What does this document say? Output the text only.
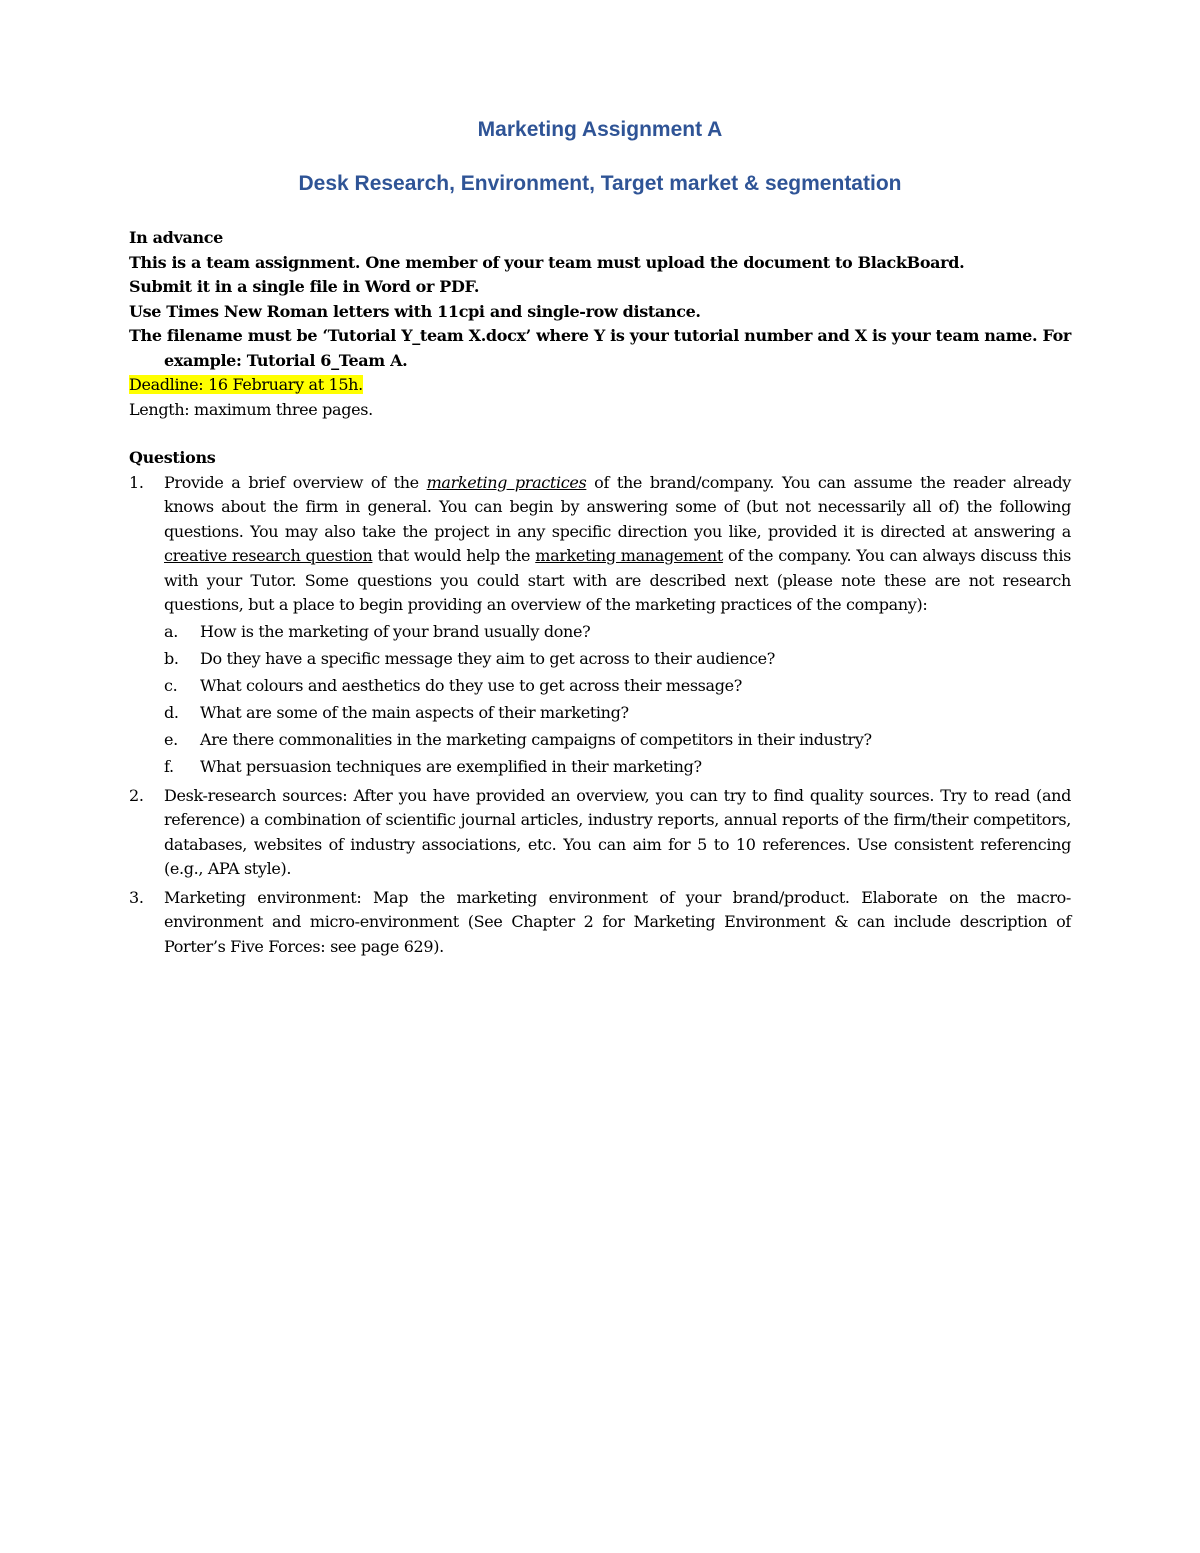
Marketing Assignment A
Desk Research, Environment, Target market & segmentation
In advance
This is a team assignment. One member of your team must upload the document to BlackBoard.
Submit it in a single file in Word or PDF.
Use Times New Roman letters with 11cpi and single-row distance.
The filename must be ‘Tutorial Y_team X.docx’ where Y is your tutorial number and X is your team name. For example: Tutorial 6_Team A.
Deadline: 16 February at 15h.
Length: maximum three pages.
Questions
1.	Provide a brief overview of the marketing practices of the brand/company. You can assume the reader already knows about the firm in general. You can begin by answering some of (but not necessarily all of) the following questions. You may also take the project in any specific direction you like, provided it is directed at answering a creative research question that would help the marketing management of the company. You can always discuss this with your Tutor. Some questions you could start with are described next (please note these are not research questions, but a place to begin providing an overview of the marketing practices of the company):
a. How is the marketing of your brand usually done?
b. Do they have a specific message they aim to get across to their audience?
c. What colours and aesthetics do they use to get across their message?
d. What are some of the main aspects of their marketing?
e. Are there commonalities in the marketing campaigns of competitors in their industry?
f. What persuasion techniques are exemplified in their marketing?
2.	Desk-research sources: After you have provided an overview, you can try to find quality sources. Try to read (and reference) a combination of scientific journal articles, industry reports, annual reports of the firm/their competitors, databases, websites of industry associations, etc. You can aim for 5 to 10 references. Use consistent referencing (e.g., APA style).
3.	Marketing environment: Map the marketing environment of your brand/product. Elaborate on the macro-environment and micro-environment (See Chapter 2 for Marketing Environment & can include description of Porter’s Five Forces: see page 629).
